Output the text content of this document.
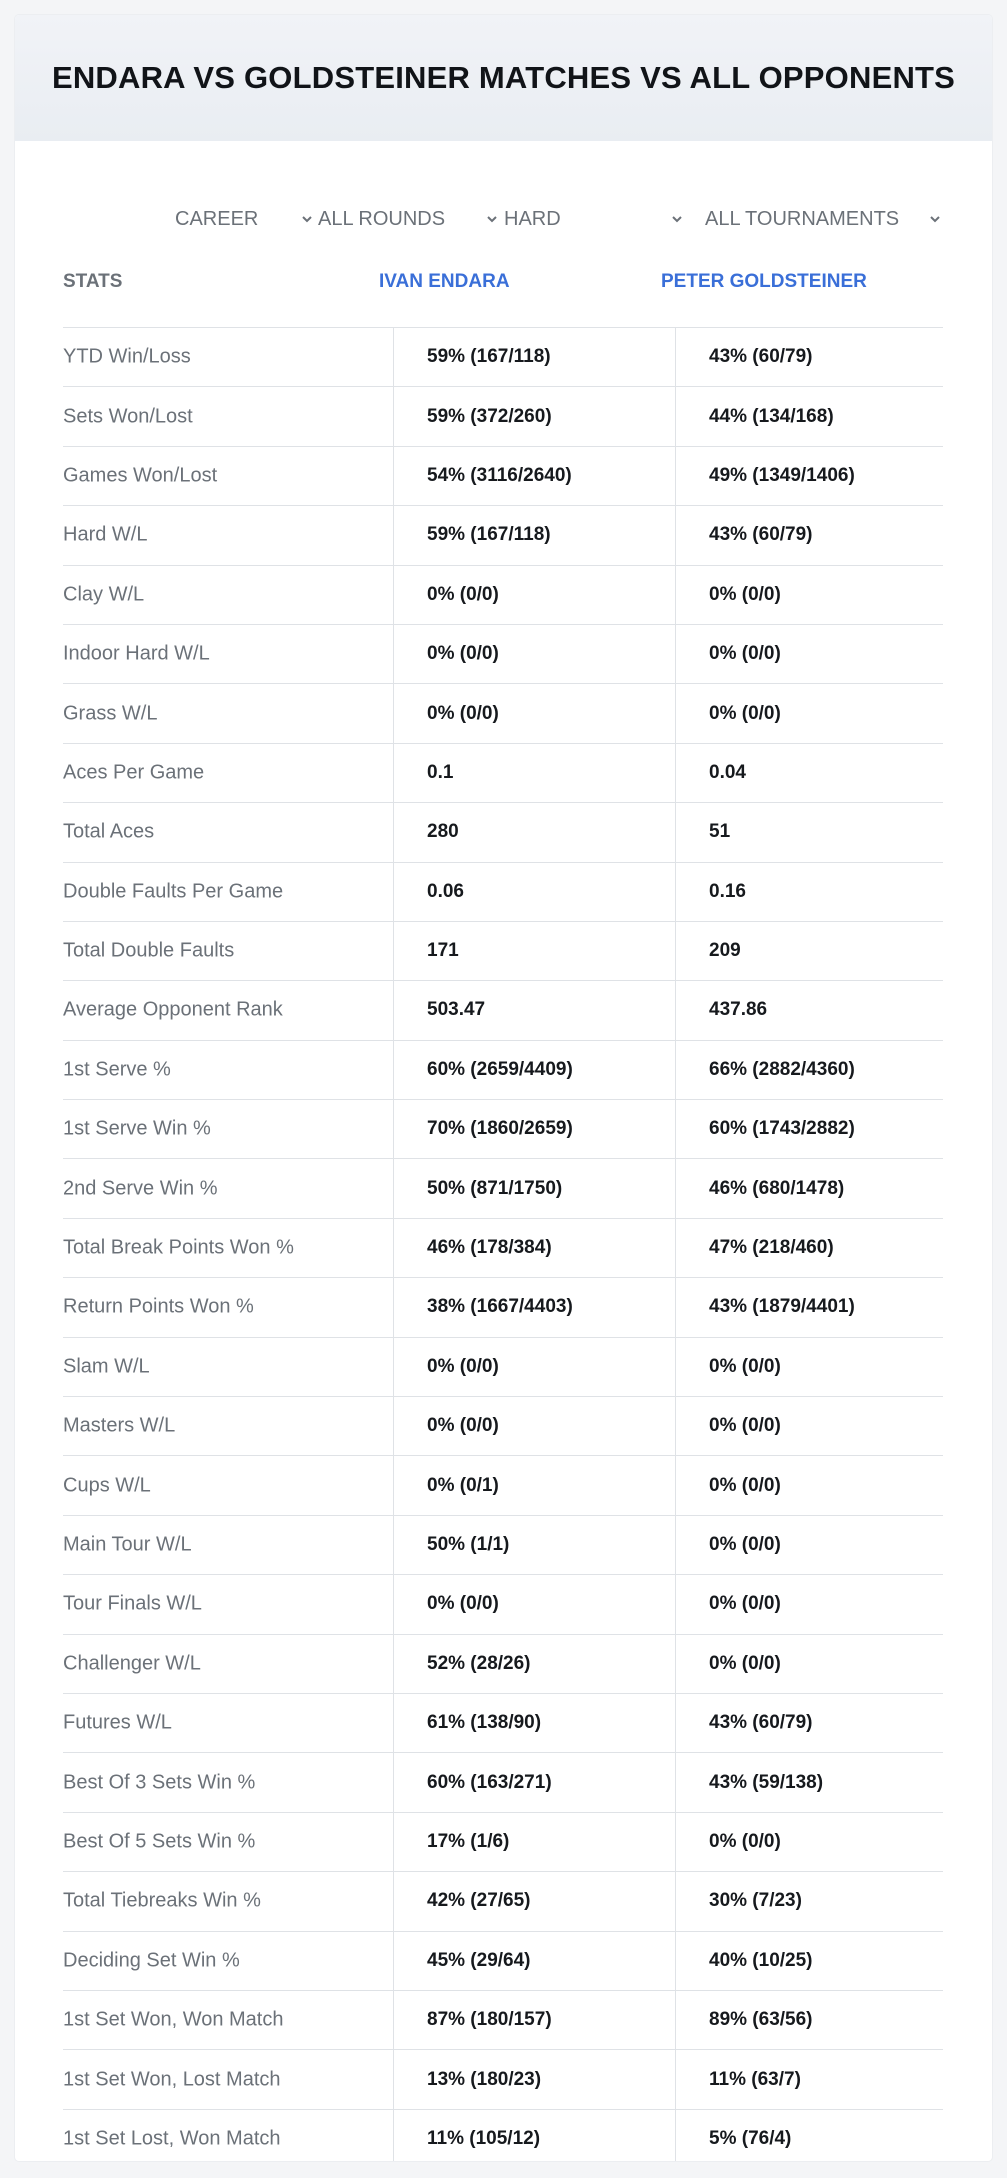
ENDARA VS GOLDSTEINER MATCHES VS ALL OPPONENTS
CAREER	ALL ROUNDS	HARD	ALL TOURNAMENTS
STATS	IVAN ENDARA	PETER GOLDSTEINER
YTD Win/Loss	59% (167/118)	43% (60/79)
Sets Won/Lost	59% (372/260)	44% (134/168)
Games Won/Lost	54% (3116/2640)	49% (1349/1406)
Hard W/L	59% (167/118)	43% (60/79)
Clay W/L	0% (0/0)	0% (0/0)
Indoor Hard W/L	0% (0/0)	0% (0/0)
Grass W/L	0% (0/0)	0% (0/0)
Aces Per Game	0.1	0.04
Total Aces	280	51
Double Faults Per Game	0.06	0.16
Total Double Faults	171	209
Average Opponent Rank	503.47	437.86
1st Serve %	60% (2659/4409)	66% (2882/4360)
1st Serve Win %	70% (1860/2659)	60% (1743/2882)
2nd Serve Win %	50% (871/1750)	46% (680/1478)
Total Break Points Won %	46% (178/384)	47% (218/460)
Return Points Won %	38% (1667/4403)	43% (1879/4401)
Slam W/L	0% (0/0)	0% (0/0)
Masters W/L	0% (0/0)	0% (0/0)
Cups W/L	0% (0/1)	0% (0/0)
Main Tour W/L	50% (1/1)	0% (0/0)
Tour Finals W/L	0% (0/0)	0% (0/0)
Challenger W/L	52% (28/26)	0% (0/0)
Futures W/L	61% (138/90)	43% (60/79)
Best Of 3 Sets Win %	60% (163/271)	43% (59/138)
Best Of 5 Sets Win %	17% (1/6)	0% (0/0)
Total Tiebreaks Win %	42% (27/65)	30% (7/23)
Deciding Set Win %	45% (29/64)	40% (10/25)
1st Set Won, Won Match	87% (180/157)	89% (63/56)
1st Set Won, Lost Match	13% (180/23)	11% (63/7)
1st Set Lost, Won Match	11% (105/12)	5% (76/4)
